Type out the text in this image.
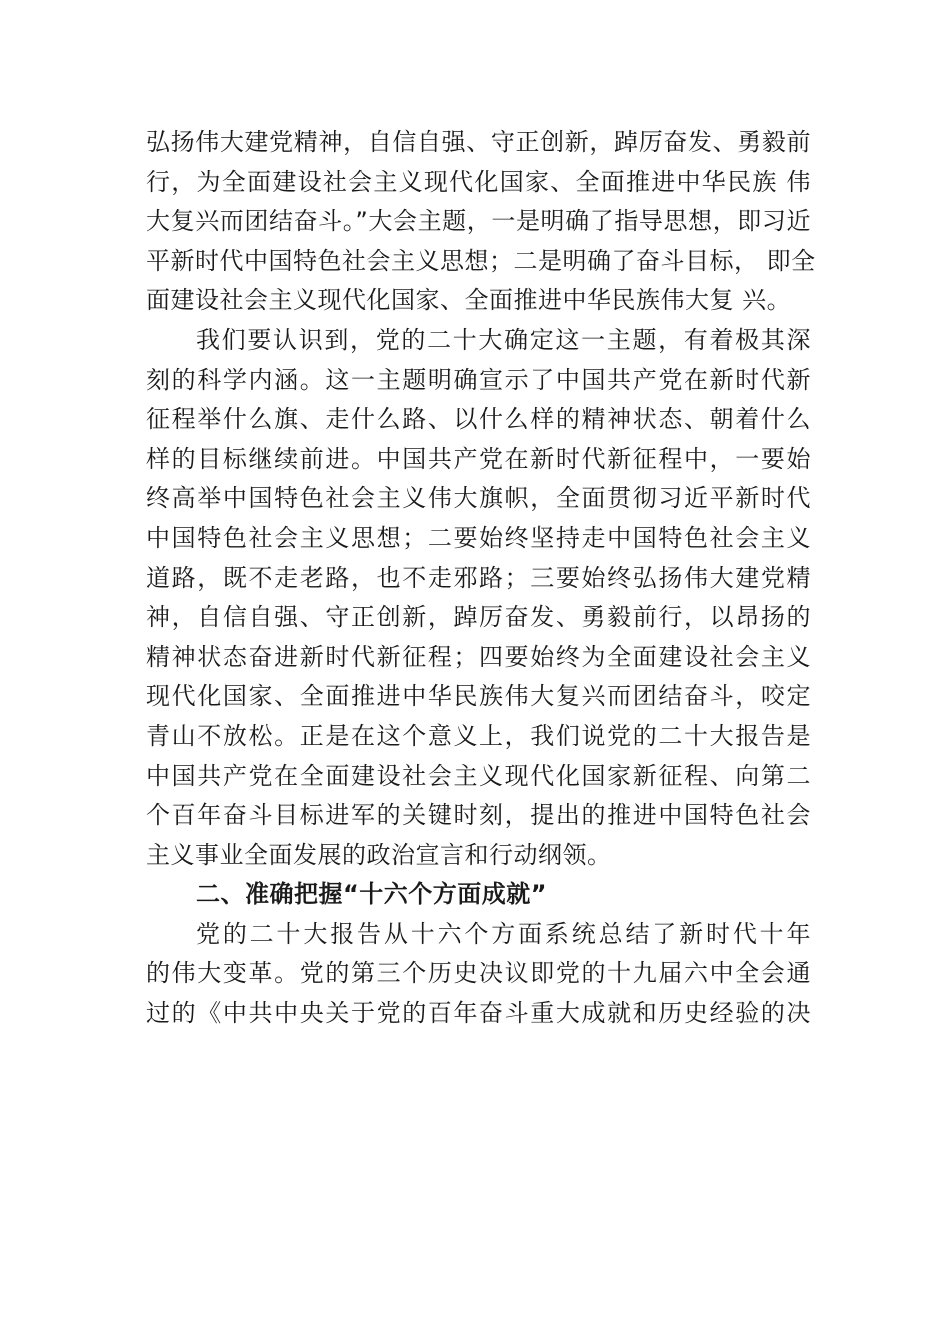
弘扬伟大建党精神，自信自强、守正创新，踔厉奋发、勇毅前
行，为全面建设社会主义现代化国家、全面推进中华民族 伟
大复兴而团结奋斗。”大会主题，一是明确了指导思想，即习近
平新时代中国特色社会主义思想；二是明确了奋斗目标， 即全
面建设社会主义现代化国家、全面推进中华民族伟大复 兴。
我们要认识到，党的二十大确定这一主题，有着极其深
刻的科学内涵。这一主题明确宣示了中国共产党在新时代新
征程举什么旗、走什么路、以什么样的精神状态、朝着什么
样的目标继续前进。中国共产党在新时代新征程中，一要始
终高举中国特色社会主义伟大旗帜，全面贯彻习近平新时代
中国特色社会主义思想；二要始终坚持走中国特色社会主义
道路，既不走老路，也不走邪路；三要始终弘扬伟大建党精
神，自信自强、守正创新，踔厉奋发、勇毅前行，以昂扬的
精神状态奋进新时代新征程；四要始终为全面建设社会主义
现代化国家、全面推进中华民族伟大复兴而团结奋斗，咬定
青山不放松。正是在这个意义上，我们说党的二十大报告是
中国共产党在全面建设社会主义现代化国家新征程、向第二
个百年奋斗目标进军的关键时刻，提出的推进中国特色社会
主义事业全面发展的政治宣言和行动纲领。
二、准确把握“十六个方面成就”
党的二十大报告从十六个方面系统总结了新时代十年
的伟大变革。党的第三个历史决议即党的十九届六中全会通
过的《中共中央关于党的百年奋斗重大成就和历史经验的决
